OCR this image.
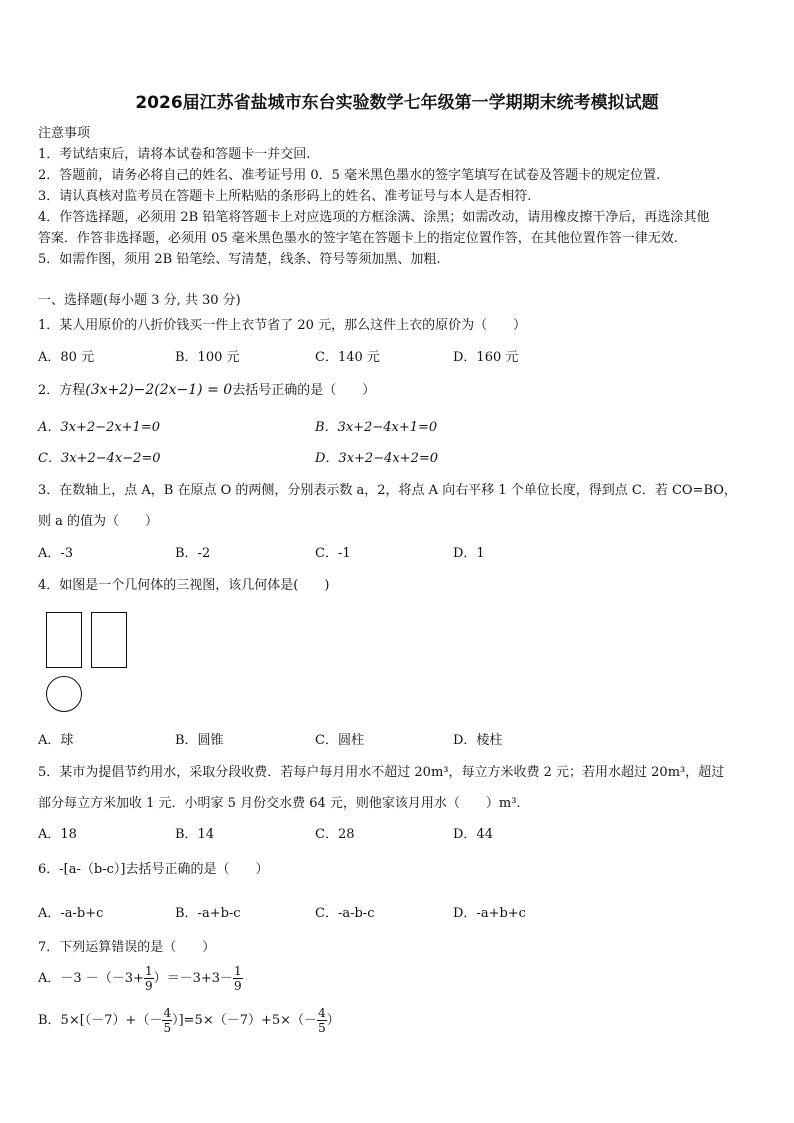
2026届江苏省盐城市东台实验数学七年级第一学期期末统考模拟试题
注意事项
1．考试结束后，请将本试卷和答题卡一并交回.
2．答题前，请务必将自己的姓名、准考证号用 0．5 毫米黑色墨水的签字笔填写在试卷及答题卡的规定位置.
3．请认真核对监考员在答题卡上所粘贴的条形码上的姓名、准考证号与本人是否相符.
4．作答选择题，必须用 2B 铅笔将答题卡上对应选项的方框涂满、涂黑；如需改动，请用橡皮擦干净后，再选涂其他
答案．作答非选择题，必须用 05 毫米黑色墨水的签字笔在答题卡上的指定位置作答，在其他位置作答一律无效.
5．如需作图，须用 2B 铅笔绘、写清楚，线条、符号等须加黑、加粗.
一、选择题(每小题 3 分, 共 30 分)
1．某人用原价的八折价钱买一件上衣节省了 20 元，那么这件上衣的原价为（　　）
A．80 元	B．100 元	C．140 元	D．160 元
2．方程(3x+2)−2(2x−1) = 0去括号正确的是（　　）
A．3x+2−2x+1=0	B．3x+2−4x+1=0
C．3x+2−4x−2=0	D．3x+2−4x+2=0
3．在数轴上，点 A，B 在原点 O 的两侧，分别表示数 a，2，将点 A 向右平移 1 个单位长度，得到点 C．若 CO=BO，
则 a 的值为（　　）
A．-3	B．-2	C．-1	D．1
4．如图是一个几何体的三视图，该几何体是(　　)
A．球	B．圆锥	C．圆柱	D．棱柱
5．某市为提倡节约用水，采取分段收费．若每户每月用水不超过 20m³，每立方米收费 2 元；若用水超过 20m³，超过
部分每立方米加收 1 元．小明家 5 月份交水费 64 元，则他家该月用水（　　）m³.
A．18	B．14	C．28	D．44
6．-[a-（b-c）]去括号正确的是（　　）
A．-a-b+c	B．-a+b-c	C．-a-b-c	D．-a+b+c
7．下列运算错误的是（　　）
A．$-3 -(-3+ \frac{1}{9} )=-3+3- \frac{1}{9}$
B．$5\times[(-7)+(- \frac{4}{5} )]=5\times(-7)+5\times(- \frac{4}{5}$ ）
